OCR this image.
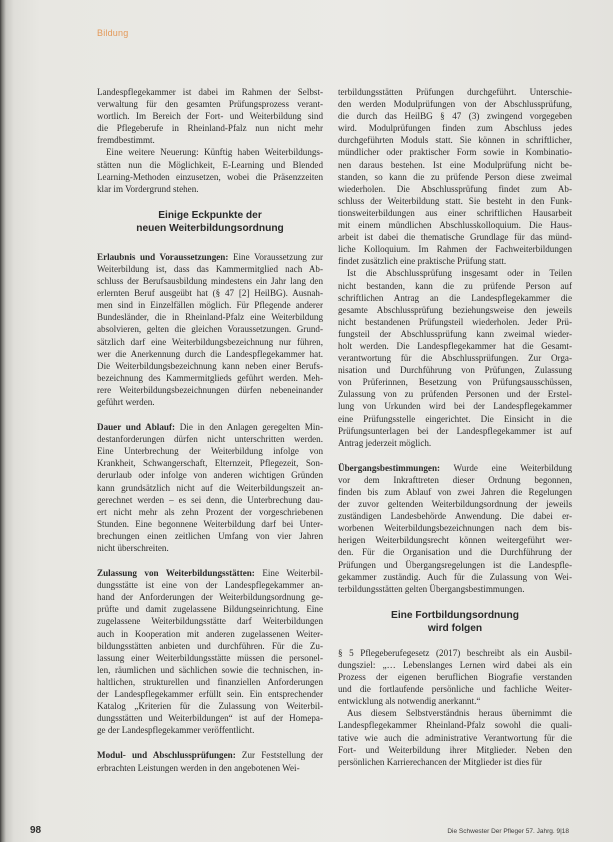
Bildung
Landespflegekammer ist dabei im Rahmen der Selbst-
verwaltung für den gesamten Prüfungsprozess verant-
wortlich. Im Bereich der Fort- und Weiterbildung sind
die Pflegeberufe in Rheinland-Pfalz nun nicht mehr
fremdbestimmt.
Eine weitere Neuerung: Künftig haben Weiterbildungs-
stätten nun die Möglichkeit, E-Learning und Blended
Learning-Methoden einzusetzen, wobei die Präsenzzeiten
klar im Vordergrund stehen.
Einige Eckpunkte der
neuen Weiterbildungsordnung
Erlaubnis und Voraussetzungen: Eine Voraussetzung zur
Weiterbildung ist, dass das Kammermitglied nach Ab-
schluss der Berufsausbildung mindestens ein Jahr lang den
erlernten Beruf ausgeübt hat (§ 47 [2] HeilBG). Ausnah-
men sind in Einzelfällen möglich. Für Pflegende anderer
Bundesländer, die in Rheinland-Pfalz eine Weiterbildung
absolvieren, gelten die gleichen Voraussetzungen. Grund-
sätzlich darf eine Weiterbildungsbezeichnung nur führen,
wer die Anerkennung durch die Landespflegekammer hat.
Die Weiterbildungsbezeichnung kann neben einer Berufs-
bezeichnung des Kammermitglieds geführt werden. Meh-
rere Weiterbildungsbezeichnungen dürfen nebeneinander
geführt werden.
Dauer und Ablauf: Die in den Anlagen geregelten Min-
destanforderungen dürfen nicht unterschritten werden.
Eine Unterbrechung der Weiterbildung infolge von
Krankheit, Schwangerschaft, Elternzeit, Pflegezeit, Son-
derurlaub oder infolge von anderen wichtigen Gründen
kann grundsätzlich nicht auf die Weiterbildungszeit an-
gerechnet werden – es sei denn, die Unterbrechung dau-
ert nicht mehr als zehn Prozent der vorgeschriebenen
Stunden. Eine begonnene Weiterbildung darf bei Unter-
brechungen einen zeitlichen Umfang von vier Jahren
nicht überschreiten.
Zulassung von Weiterbildungsstätten: Eine Weiterbil-
dungsstätte ist eine von der Landespflegekammer an-
hand der Anforderungen der Weiterbildungsordnung ge-
prüfte und damit zugelassene Bildungseinrichtung. Eine
zugelassene Weiterbildungsstätte darf Weiterbildungen
auch in Kooperation mit anderen zugelassenen Weiter-
bildungsstätten anbieten und durchführen. Für die Zu-
lassung einer Weiterbildungsstätte müssen die personel-
len, räumlichen und sächlichen sowie die technischen, in-
haltlichen, strukturellen und finanziellen Anforderungen
der Landespflegekammer erfüllt sein. Ein entsprechender
Katalog „Kriterien für die Zulassung von Weiterbil-
dungsstätten und Weiterbildungen“ ist auf der Homepa-
ge der Landespflegekammer veröffentlicht.
Modul- und Abschlussprüfungen: Zur Feststellung der
erbrachten Leistungen werden in den angebotenen Wei-
terbildungsstätten Prüfungen durchgeführt. Unterschie-
den werden Modulprüfungen von der Abschlussprüfung,
die durch das HeilBG § 47 (3) zwingend vorgegeben
wird. Modulprüfungen finden zum Abschluss jedes
durchgeführten Moduls statt. Sie können in schriftlicher,
mündlicher oder praktischer Form sowie in Kombinatio-
nen daraus bestehen. Ist eine Modulprüfung nicht be-
standen, so kann die zu prüfende Person diese zweimal
wiederholen. Die Abschlussprüfung findet zum Ab-
schluss der Weiterbildung statt. Sie besteht in den Funk-
tionsweiterbildungen aus einer schriftlichen Hausarbeit
mit einem mündlichen Abschlusskolloquium. Die Haus-
arbeit ist dabei die thematische Grundlage für das münd-
liche Kolloquium. Im Rahmen der Fachweiterbildungen
findet zusätzlich eine praktische Prüfung statt.
Ist die Abschlussprüfung insgesamt oder in Teilen
nicht bestanden, kann die zu prüfende Person auf
schriftlichen Antrag an die Landespflegekammer die
gesamte Abschlussprüfung beziehungsweise den jeweils
nicht bestandenen Prüfungsteil wiederholen. Jeder Prü-
fungsteil der Abschlussprüfung kann zweimal wieder-
holt werden. Die Landespflegekammer hat die Gesamt-
verantwortung für die Abschlussprüfungen. Zur Orga-
nisation und Durchführung von Prüfungen, Zulassung
von Prüferinnen, Besetzung von Prüfungsausschüssen,
Zulassung von zu prüfenden Personen und der Erstel-
lung von Urkunden wird bei der Landespflegekammer
eine Prüfungsstelle eingerichtet. Die Einsicht in die
Prüfungsunterlagen bei der Landespflegekammer ist auf
Antrag jederzeit möglich.
Übergangsbestimmungen: Wurde eine Weiterbildung
vor dem Inkrafttreten dieser Ordnung begonnen,
finden bis zum Ablauf von zwei Jahren die Regelungen
der zuvor geltenden Weiterbildungsordnung der jeweils
zuständigen Landesbehörde Anwendung. Die dabei er-
worbenen Weiterbildungsbezeichnungen nach dem bis-
herigen Weiterbildungsrecht können weitergeführt wer-
den. Für die Organisation und die Durchführung der
Prüfungen und Übergangsregelungen ist die Landespfle-
gekammer zuständig. Auch für die Zulassung von Wei-
terbildungsstätten gelten Übergangsbestimmungen.
Eine Fortbildungsordnung
wird folgen
§ 5 Pflegeberufegesetz (2017) beschreibt als ein Ausbil-
dungsziel: „… Lebenslanges Lernen wird dabei als ein
Prozess der eigenen beruflichen Biografie verstanden
und die fortlaufende persönliche und fachliche Weiter-
entwicklung als notwendig anerkannt.“
Aus diesem Selbstverständnis heraus übernimmt die
Landespflegekammer Rheinland-Pfalz sowohl die quali-
tative wie auch die administrative Verantwortung für die
Fort- und Weiterbildung ihrer Mitglieder. Neben den
persönlichen Karrierechancen der Mitglieder ist dies für
98	Die Schwester Der Pfleger 57. Jahrg. 9|18
